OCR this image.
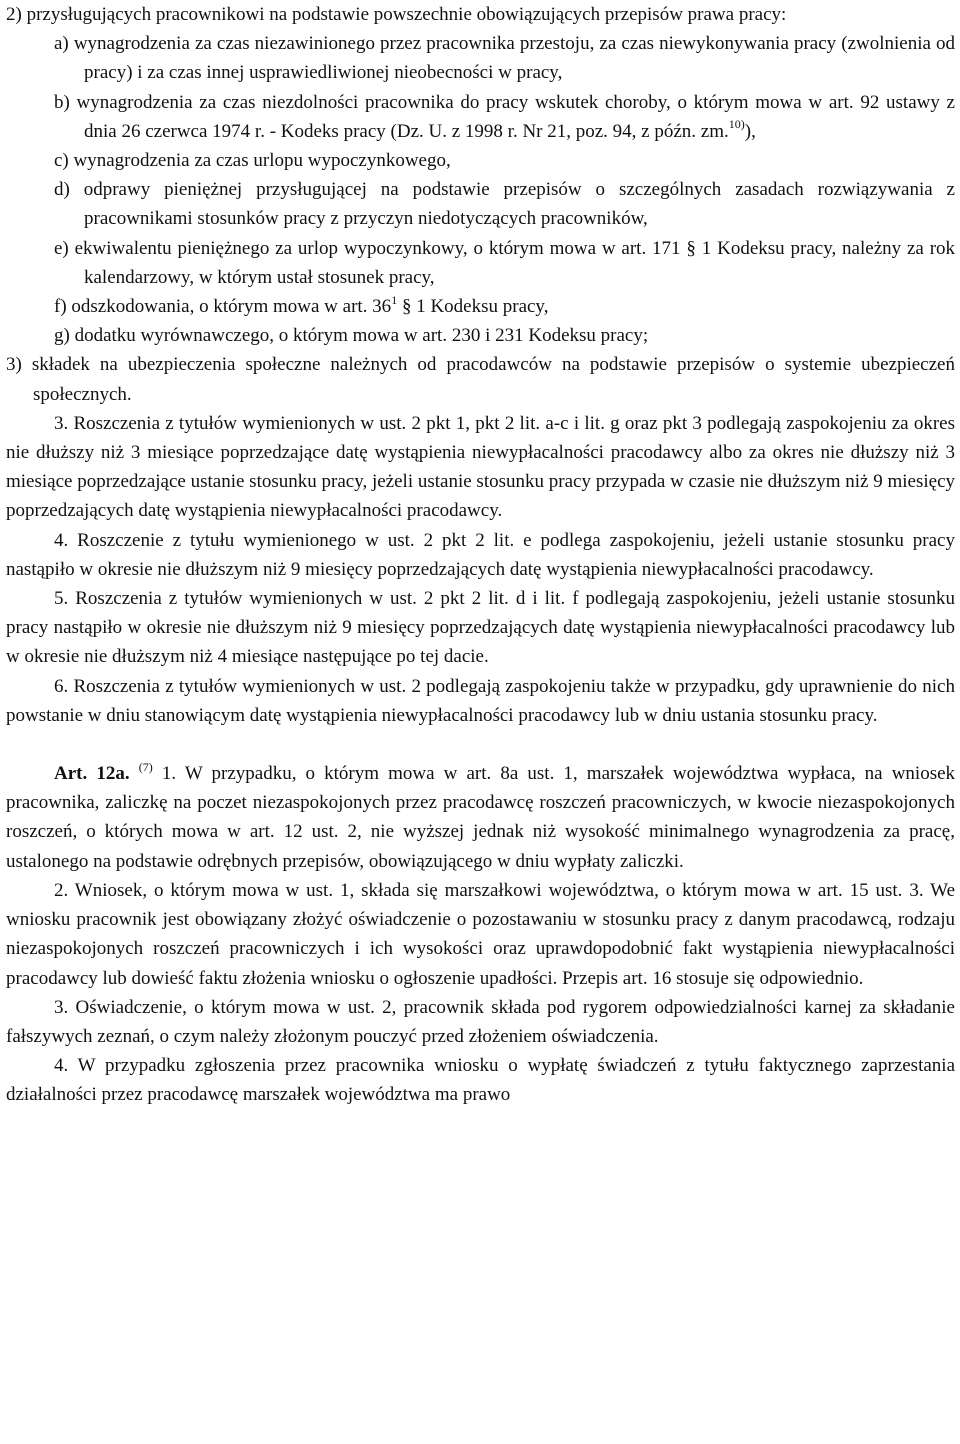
2) przysługujących pracownikowi na podstawie powszechnie obowiązujących przepisów prawa pracy:

a) wynagrodzenia za czas niezawinionego przez pracownika przestoju, za czas niewykonywania pracy (zwolnienia od pracy) i za czas innej usprawiedliwionej nieobecności w pracy,

b) wynagrodzenia za czas niezdolności pracownika do pracy wskutek choroby, o którym mowa w art. 92 ustawy z dnia 26 czerwca 1974 r. - Kodeks pracy (Dz. U. z 1998 r. Nr 21, poz. 94, z późn. zm.$^{10)}$),

c) wynagrodzenia za czas urlopu wypoczynkowego,

d) odprawy pieniężnej przysługującej na podstawie przepisów o szczególnych zasadach rozwiązywania z pracownikami stosunków pracy z przyczyn niedotyczących pracowników,

e) ekwiwalentu pieniężnego za urlop wypoczynkowy, o którym mowa w art. 171 § 1 Kodeksu pracy, należny za rok kalendarzowy, w którym ustał stosunek pracy,

f) odszkodowania, o którym mowa w art. $36^1$ § 1 Kodeksu pracy,

g) dodatku wyrównawczego, o którym mowa w art. 230 i 231 Kodeksu pracy;

3) składek na ubezpieczenia społeczne należnych od pracodawców na podstawie przepisów o systemie ubezpieczeń społecznych.

3. Roszczenia z tytułów wymienionych w ust. 2 pkt 1, pkt 2 lit. a-c i lit. g oraz pkt 3 podlegają zaspokojeniu za okres nie dłuższy niż 3 miesiące poprzedzające datę wystąpienia niewypłacalności pracodawcy albo za okres nie dłuższy niż 3 miesiące poprzedzające ustanie stosunku pracy, jeżeli ustanie stosunku pracy przypada w czasie nie dłuższym niż 9 miesięcy poprzedzających datę wystąpienia niewypłacalności pracodawcy.

4. Roszczenie z tytułu wymienionego w ust. 2 pkt 2 lit. e podlega zaspokojeniu, jeżeli ustanie stosunku pracy nastąpiło w okresie nie dłuższym niż 9 miesięcy poprzedzających datę wystąpienia niewypłacalności pracodawcy.

5. Roszczenia z tytułów wymienionych w ust. 2 pkt 2 lit. d i lit. f podlegają zaspokojeniu, jeżeli ustanie stosunku pracy nastąpiło w okresie nie dłuższym niż 9 miesięcy poprzedzających datę wystąpienia niewypłacalności pracodawcy lub w okresie nie dłuższym niż 4 miesiące następujące po tej dacie.

6. Roszczenia z tytułów wymienionych w ust. 2 podlegają zaspokojeniu także w przypadku, gdy uprawnienie do nich powstanie w dniu stanowiącym datę wystąpienia niewypłacalności pracodawcy lub w dniu ustania stosunku pracy.

Art. 12a. $^{(7)}$ 1. W przypadku, o którym mowa w art. 8a ust. 1, marszałek województwa wypłaca, na wniosek pracownika, zaliczkę na poczet niezaspokojonych przez pracodawcę roszczeń pracowniczych, w kwocie niezaspokojonych roszczeń, o których mowa w art. 12 ust. 2, nie wyższej jednak niż wysokość minimalnego wynagrodzenia za pracę, ustalonego na podstawie odrębnych przepisów, obowiązującego w dniu wypłaty zaliczki.

2. Wniosek, o którym mowa w ust. 1, składa się marszałkowi województwa, o którym mowa w art. 15 ust. 3. We wniosku pracownik jest obowiązany złożyć oświadczenie o pozostawaniu w stosunku pracy z danym pracodawcą, rodzaju niezaspokojonych roszczeń pracowniczych i ich wysokości oraz uprawdopodobnić fakt wystąpienia niewypłacalności pracodawcy lub dowieść faktu złożenia wniosku o ogłoszenie upadłości. Przepis art. 16 stosuje się odpowiednio.

3. Oświadczenie, o którym mowa w ust. 2, pracownik składa pod rygorem odpowiedzialności karnej za składanie fałszywych zeznań, o czym należy złożonym pouczyć przed złożeniem oświadczenia.

4. W przypadku zgłoszenia przez pracownika wniosku o wypłatę świadczeń z tytułu faktycznego zaprzestania działalności przez pracodawcę marszałek województwa ma prawo
